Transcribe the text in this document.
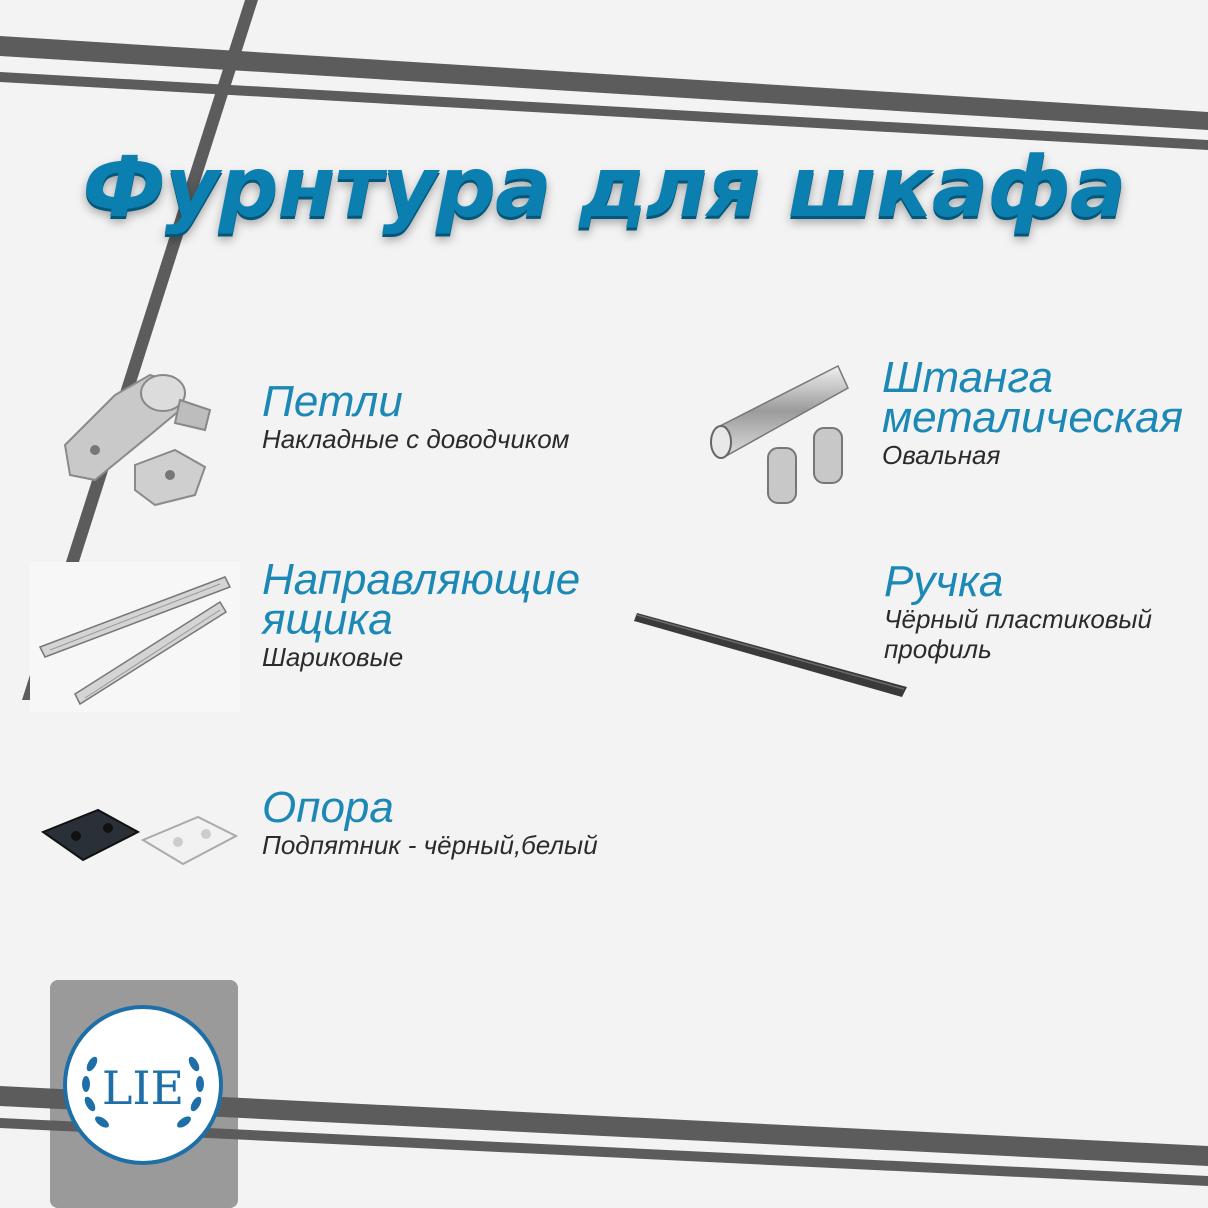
Фурнтура для шкафа
Петли
Накладные с доводчиком
Штанга металическая
Овальная
Направляющие ящика
Шариковые
Ручка
Чёрный пластиковый профиль
Опора
Подпятник - чёрный,белый
LIE
